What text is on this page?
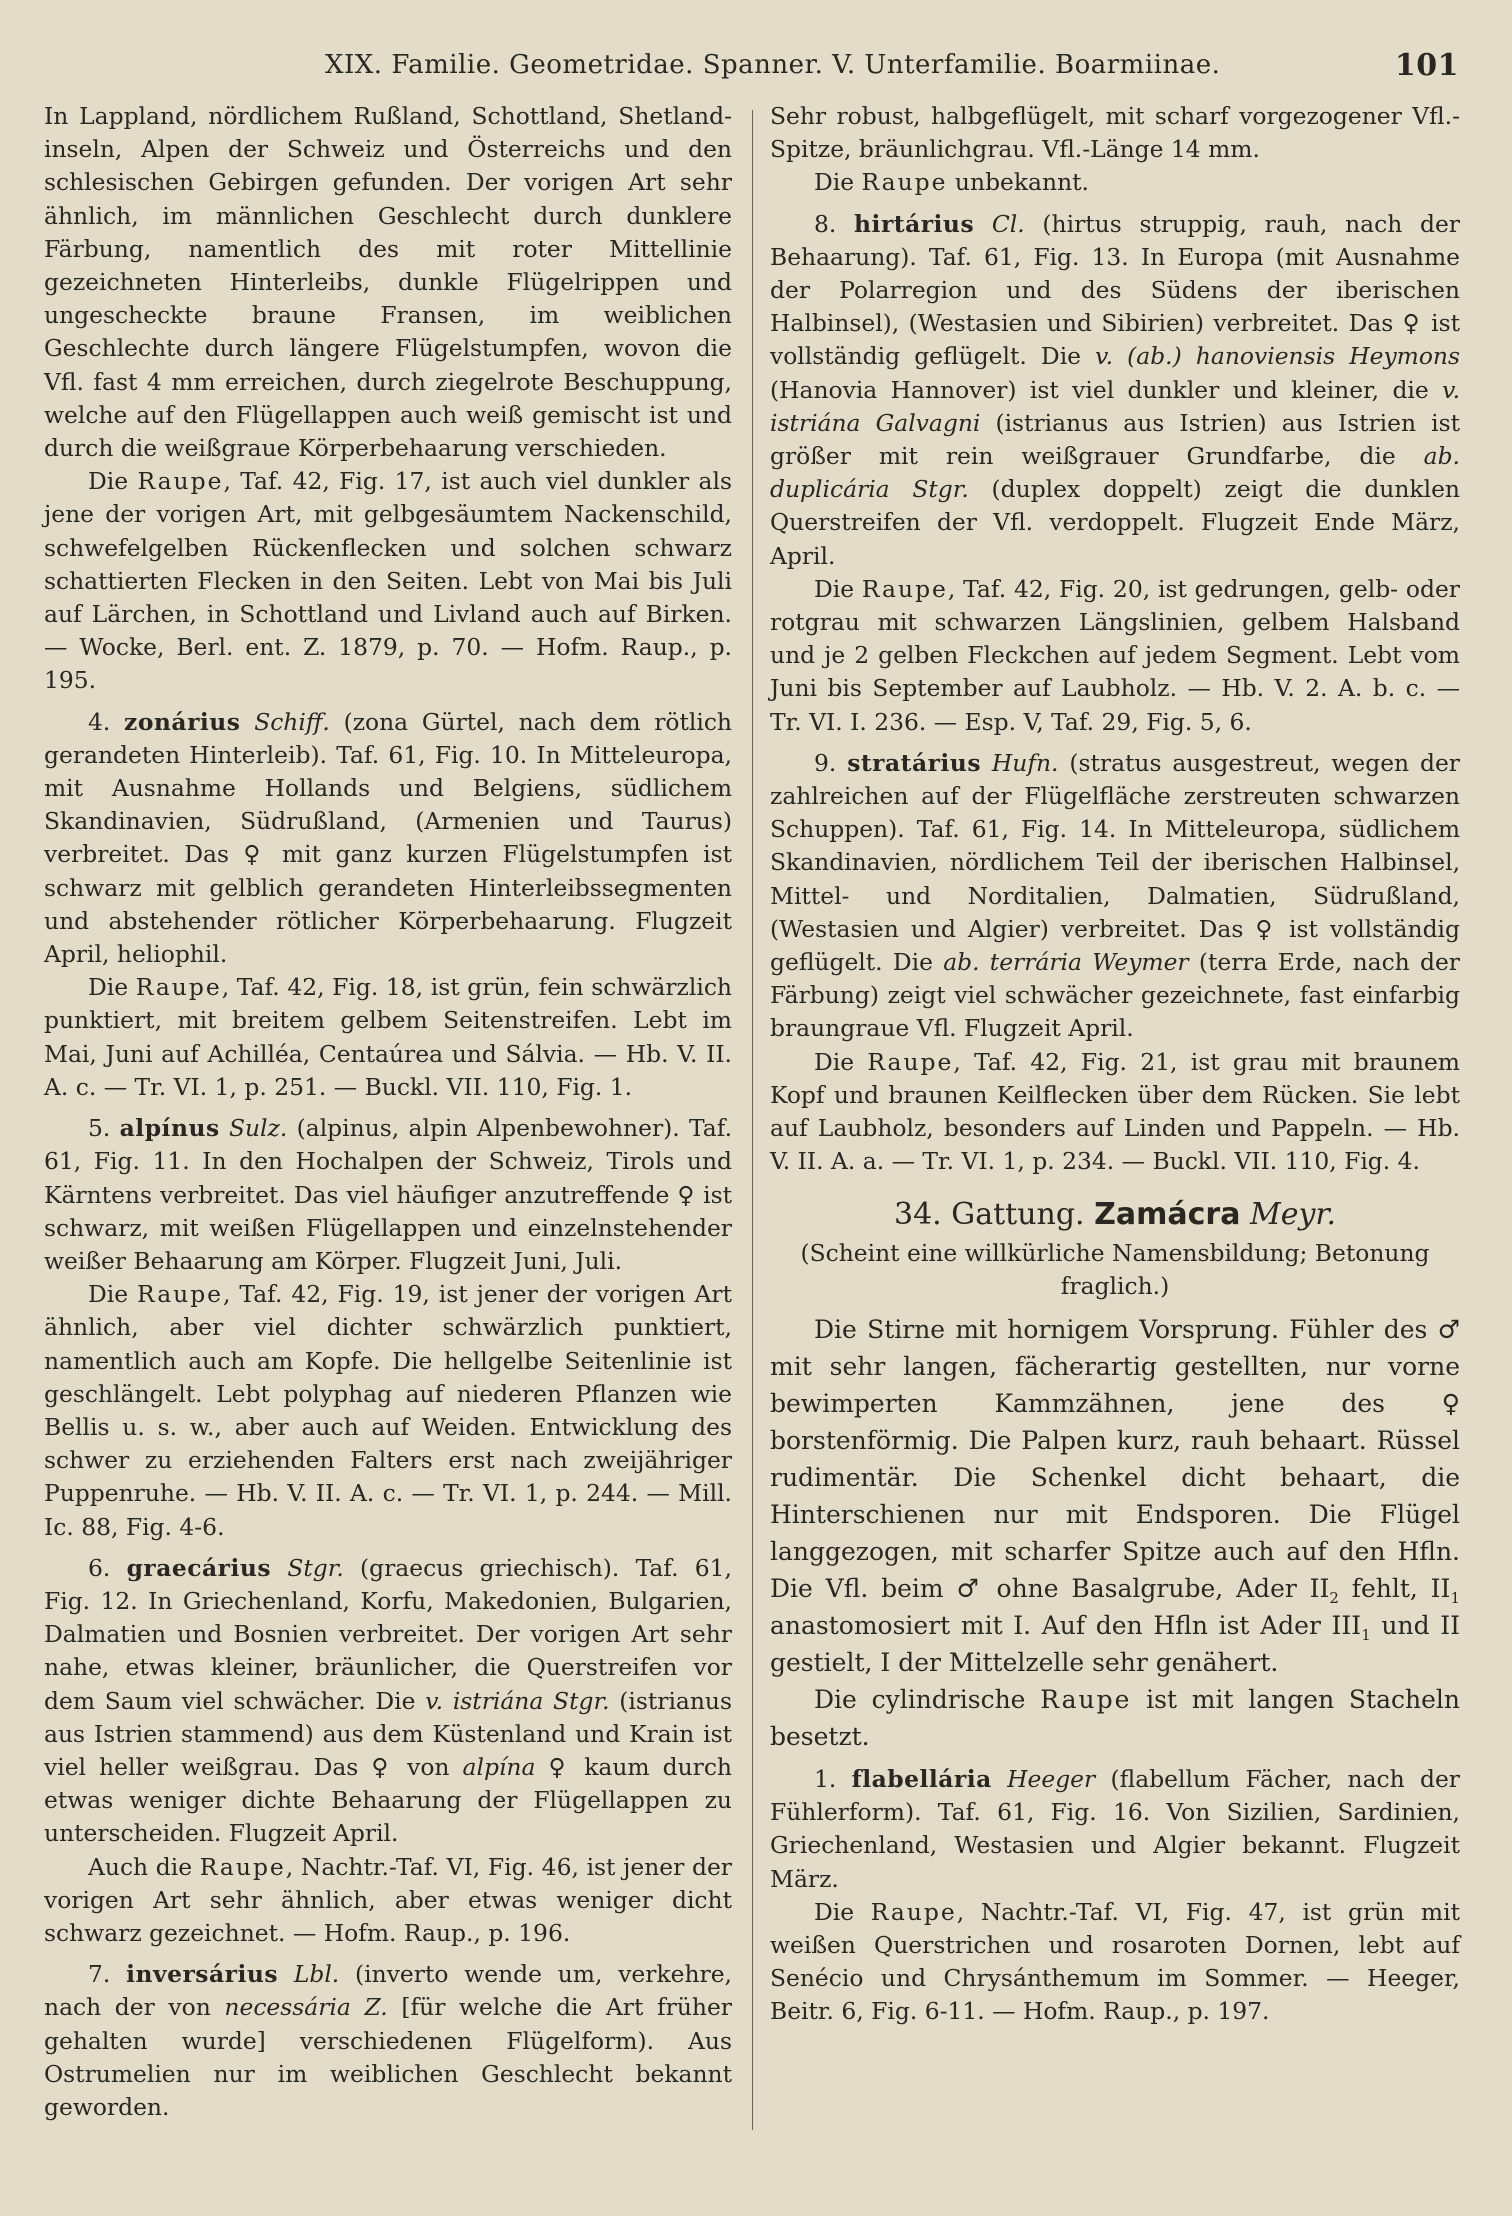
XIX. Familie. Geometridae. Spanner. V. Unterfamilie. Boarmiinae.	101

In Lappland, nördlichem Rußland, Schottland, Shetland-inseln, Alpen der Schweiz und Österreichs und den schlesischen Gebirgen gefunden. Der vorigen Art sehr ähnlich, im männlichen Geschlecht durch dunklere Färbung, namentlich des mit roter Mittellinie gezeichneten Hinterleibs, dunkle Flügelrippen und ungescheckte braune Fransen, im weiblichen Geschlechte durch längere Flügelstumpfen, wovon die Vfl. fast 4 mm erreichen, durch ziegelrote Beschuppung, welche auf den Flügellappen auch weiß gemischt ist und durch die weißgraue Körperbehaarung verschieden.

Die Raupe, Taf. 42, Fig. 17, ist auch viel dunkler als jene der vorigen Art, mit gelbgesäumtem Nackenschild, schwefelgelben Rückenflecken und solchen schwarz schattierten Flecken in den Seiten. Lebt von Mai bis Juli auf Lärchen, in Schottland und Livland auch auf Birken. — Wocke, Berl. ent. Z. 1879, p. 70. — Hofm. Raup., p. 195.

4. zonárius Schiff. (zona Gürtel, nach dem rötlich gerandeten Hinterleib). Taf. 61, Fig. 10. In Mitteleuropa, mit Ausnahme Hollands und Belgiens, südlichem Skandinavien, Südrußland, (Armenien und Taurus) verbreitet. Das ♀ mit ganz kurzen Flügelstumpfen ist schwarz mit gelblich gerandeten Hinterleibssegmenten und abstehender rötlicher Körperbehaarung. Flugzeit April, heliophil.

Die Raupe, Taf. 42, Fig. 18, ist grün, fein schwärzlich punktiert, mit breitem gelbem Seitenstreifen. Lebt im Mai, Juni auf Achilléa, Centaúrea und Sálvia. — Hb. V. II. A. c. — Tr. VI. 1, p. 251. — Buckl. VII. 110, Fig. 1.

5. alpínus Sulz. (alpinus, alpin Alpenbewohner). Taf. 61, Fig. 11. In den Hochalpen der Schweiz, Tirols und Kärntens verbreitet. Das viel häufiger anzutreffende ♀ ist schwarz, mit weißen Flügellappen und einzelnstehender weißer Behaarung am Körper. Flugzeit Juni, Juli.

Die Raupe, Taf. 42, Fig. 19, ist jener der vorigen Art ähnlich, aber viel dichter schwärzlich punktiert, namentlich auch am Kopfe. Die hellgelbe Seitenlinie ist geschlängelt. Lebt polyphag auf niederen Pflanzen wie Bellis u. s. w., aber auch auf Weiden. Entwicklung des schwer zu erziehenden Falters erst nach zweijähriger Puppenruhe. — Hb. V. II. A. c. — Tr. VI. 1, p. 244. — Mill. Ic. 88, Fig. 4-6.

6. graecárius Stgr. (graecus griechisch). Taf. 61, Fig. 12. In Griechenland, Korfu, Makedonien, Bulgarien, Dalmatien und Bosnien verbreitet. Der vorigen Art sehr nahe, etwas kleiner, bräunlicher, die Querstreifen vor dem Saum viel schwächer. Die v. istriána Stgr. (istrianus aus Istrien stammend) aus dem Küstenland und Krain ist viel heller weißgrau. Das ♀ von alpína ♀ kaum durch etwas weniger dichte Behaarung der Flügellappen zu unterscheiden. Flugzeit April.

Auch die Raupe, Nachtr.-Taf. VI, Fig. 46, ist jener der vorigen Art sehr ähnlich, aber etwas weniger dicht schwarz gezeichnet. — Hofm. Raup., p. 196.

7. inversárius Lbl. (inverto wende um, verkehre, nach der von necessária Z. [für welche die Art früher gehalten wurde] verschiedenen Flügelform). Aus Ostrumelien nur im weiblichen Geschlecht bekannt geworden.

Sehr robust, halbgeflügelt, mit scharf vorgezogener Vfl.-Spitze, bräunlichgrau. Vfl.-Länge 14 mm.

Die Raupe unbekannt.

8. hirtárius Cl. (hirtus struppig, rauh, nach der Behaarung). Taf. 61, Fig. 13. In Europa (mit Ausnahme der Polarregion und des Südens der iberischen Halbinsel), (Westasien und Sibirien) verbreitet. Das ♀ ist vollständig geflügelt. Die v. (ab.) hanoviensis Heymons (Hanovia Hannover) ist viel dunkler und kleiner, die v. istriána Galvagni (istrianus aus Istrien) aus Istrien ist größer mit rein weißgrauer Grundfarbe, die ab. duplicária Stgr. (duplex doppelt) zeigt die dunklen Querstreifen der Vfl. verdoppelt. Flugzeit Ende März, April.

Die Raupe, Taf. 42, Fig. 20, ist gedrungen, gelb- oder rotgrau mit schwarzen Längslinien, gelbem Halsband und je 2 gelben Fleckchen auf jedem Segment. Lebt vom Juni bis September auf Laubholz. — Hb. V. 2. A. b. c. — Tr. VI. I. 236. — Esp. V, Taf. 29, Fig. 5, 6.

9. stratárius Hufn. (stratus ausgestreut, wegen der zahlreichen auf der Flügelfläche zerstreuten schwarzen Schuppen). Taf. 61, Fig. 14. In Mitteleuropa, südlichem Skandinavien, nördlichem Teil der iberischen Halbinsel, Mittel- und Norditalien, Dalmatien, Südrußland, (Westasien und Algier) verbreitet. Das ♀ ist vollständig geflügelt. Die ab. terrária Weymer (terra Erde, nach der Färbung) zeigt viel schwächer gezeichnete, fast einfarbig braungraue Vfl. Flugzeit April.

Die Raupe, Taf. 42, Fig. 21, ist grau mit braunem Kopf und braunen Keilflecken über dem Rücken. Sie lebt auf Laubholz, besonders auf Linden und Pappeln. — Hb. V. II. A. a. — Tr. VI. 1, p. 234. — Buckl. VII. 110, Fig. 4.

34. Gattung. Zamácra Meyr.

(Scheint eine willkürliche Namensbildung; Betonung fraglich.)

Die Stirne mit hornigem Vorsprung. Fühler des ♂ mit sehr langen, fächerartig gestellten, nur vorne bewimperten Kammzähnen, jene des ♀ borstenförmig. Die Palpen kurz, rauh behaart. Rüssel rudimentär. Die Schenkel dicht behaart, die Hinterschienen nur mit Endsporen. Die Flügel langgezogen, mit scharfer Spitze auch auf den Hfln. Die Vfl. beim ♂ ohne Basalgrube, Ader $II_2$ fehlt, $II_1$ anastomosiert mit I. Auf den Hfln ist Ader $III_1$ und II gestielt, I der Mittelzelle sehr genähert.

Die cylindrische Raupe ist mit langen Stacheln besetzt.

1. flabellária Heeger (flabellum Fächer, nach der Fühlerform). Taf. 61, Fig. 16. Von Sizilien, Sardinien, Griechenland, Westasien und Algier bekannt. Flugzeit März.

Die Raupe, Nachtr.-Taf. VI, Fig. 47, ist grün mit weißen Querstrichen und rosaroten Dornen, lebt auf Senécio und Chrysánthemum im Sommer. — Heeger, Beitr. 6, Fig. 6-11. — Hofm. Raup., p. 197.
